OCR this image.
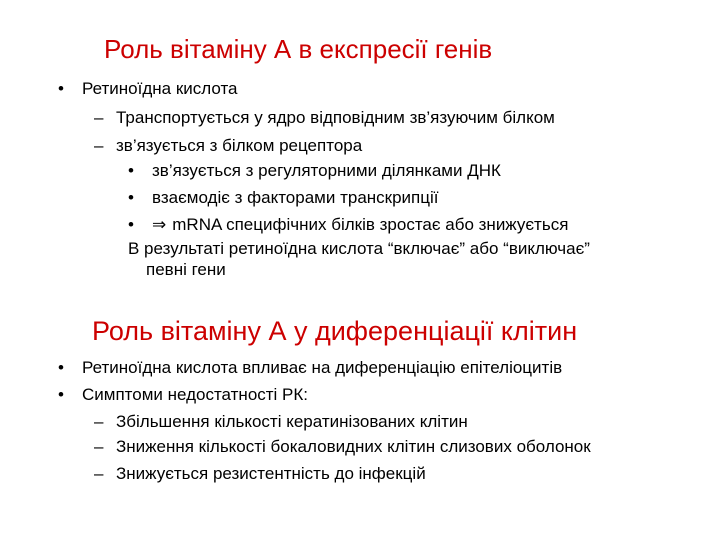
Роль вітаміну А в експресії генів
• Ретиноїдна кислота
– Транспортується у ядро відповідним зв’язуючим білком
– зв’язується з білком рецептора
• зв’язується з регуляторними ділянками ДНК
• взаємодіє з факторами транскрипції
• ⇒ mRNA специфічних білків зростає або знижується
В результаті ретиноїдна кислота “включає” або “виключає”
певні гени
Роль вітаміну А у диференціації клітин
• Ретиноїдна кислота впливає на диференціацію епітеліоцитів
• Симптоми недостатності РК:
– Збільшення кількості кератинізованих клітин
– Зниження кількості бокаловидних клітин слизових оболонок
– Знижується резистентність до інфекцій
